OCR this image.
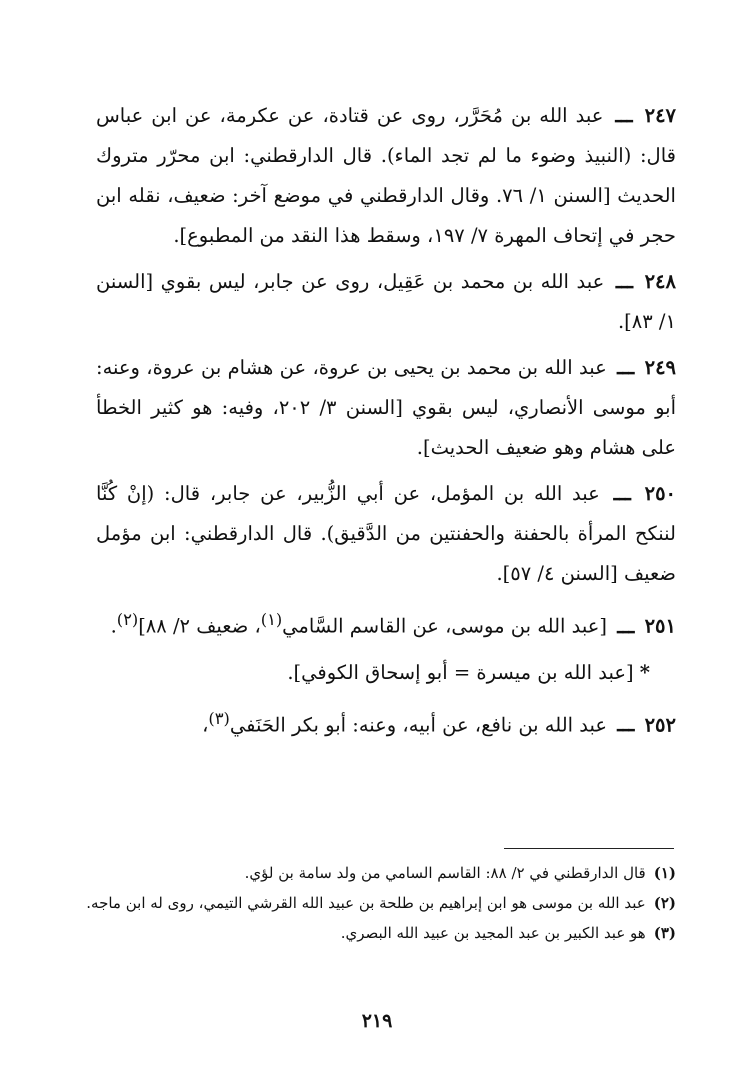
٢٤٧ ـــ عبد الله بن مُحَرَّر، روى عن قتادة، عن عكرمة، عن ابن عباس قال: (النبيذ وضوء ما لم تجد الماء). قال الدارقطني: ابن محرّر متروك الحديث [السنن ١/ ٧٦. وقال الدارقطني في موضع آخر: ضعيف، نقله ابن حجر في إتحاف المهرة ٧/ ١٩٧، وسقط هذا النقد من المطبوع].

٢٤٨ ـــ عبد الله بن محمد بن عَقِيل، روى عن جابر، ليس بقوي [السنن ١/ ٨٣].

٢٤٩ ـــ عبد الله بن محمد بن يحيى بن عروة، عن هشام بن عروة، وعنه: أبو موسى الأنصاري، ليس بقوي [السنن ٣/ ٢٠٢، وفيه: هو كثير الخطأ على هشام وهو ضعيف الحديث].

٢٥٠ ـــ عبد الله بن المؤمل، عن أبي الزُّبير، عن جابر، قال: (إنْ كُنَّا لننكح المرأة بالحفنة والحفنتين من الدَّقيق). قال الدارقطني: ابن مؤمل ضعيف [السنن ٤/ ٥٧].

٢٥١ ـــ [عبد الله بن موسى، عن القاسم السَّامي$^{(١)}$، ضعيف ٢/ ٨٨]$^{(٢)}$.

* [عبد الله بن ميسرة = أبو إسحاق الكوفي].

٢٥٢ ـــ عبد الله بن نافع، عن أبيه، وعنه: أبو بكر الحَنَفي$^{(٣)}$،

(١)قال الدارقطني في ٢/ ٨٨: القاسم السامي من ولد سامة بن لؤي.

(٢)عبد الله بن موسى هو ابن إبراهيم بن طلحة بن عبيد الله القرشي التيمي، روى له ابن ماجه.

(٣)هو عبد الكبير بن عبد المجيد بن عبيد الله البصري.

٢١٩
